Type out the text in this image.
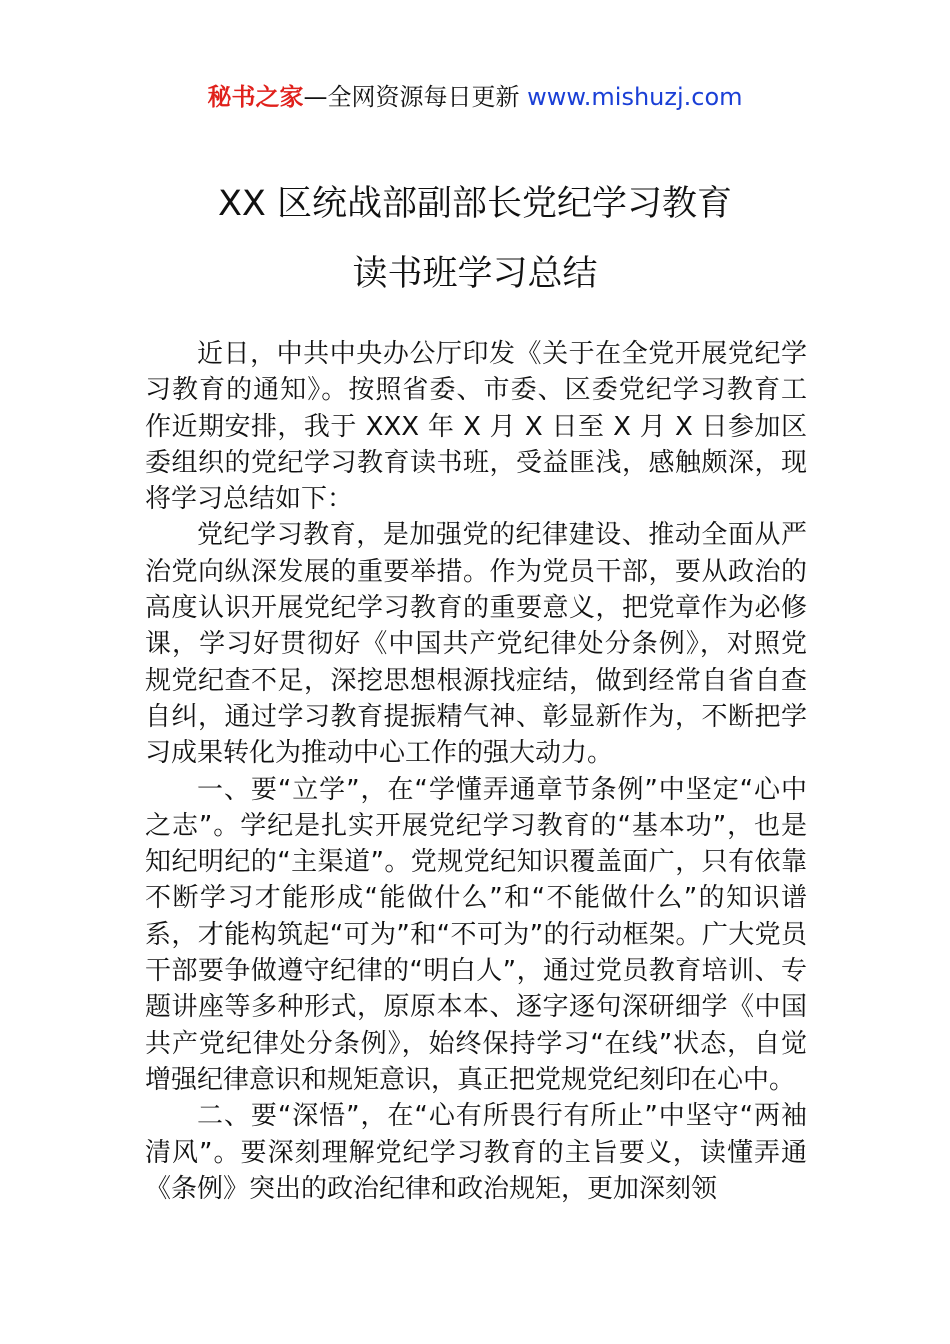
秘书之家—全网资源每日更新 www.mishuzj.com
XX 区统战部副部长党纪学习教育
读书班学习总结

近日，中共中央办公厅印发《关于在全党开展党纪学习教育的通知》。按照省委、市委、区委党纪学习教育工作近期安排，我于 XXX 年 X 月 X 日至 X 月 X 日参加区委组织的党纪学习教育读书班，受益匪浅，感触颇深，现将学习总结如下：

党纪学习教育，是加强党的纪律建设、推动全面从严治党向纵深发展的重要举措。作为党员干部，要从政治的高度认识开展党纪学习教育的重要意义，把党章作为必修课，学习好贯彻好《中国共产党纪律处分条例》，对照党规党纪查不足，深挖思想根源找症结，做到经常自省自查自纠，通过学习教育提振精气神、彰显新作为，不断把学习成果转化为推动中心工作的强大动力。

一、要“立学”，在“学懂弄通章节条例”中坚定“心中之志”。学纪是扎实开展党纪学习教育的“基本功”，也是知纪明纪的“主渠道”。党规党纪知识覆盖面广，只有依靠不断学习才能形成“能做什么”和“不能做什么”的知识谱系，才能构筑起“可为”和“不可为”的行动框架。广大党员干部要争做遵守纪律的“明白人”，通过党员教育培训、专题讲座等多种形式，原原本本、逐字逐句深研细学《中国共产党纪律处分条例》，始终保持学习“在线”状态，自觉增强纪律意识和规矩意识，真正把党规党纪刻印在心中。

二、要“深悟”，在“心有所畏行有所止”中坚守“两袖清风”。要深刻理解党纪学习教育的主旨要义，读懂弄通《条例》突出的政治纪律和政治规矩，更加深刻领
